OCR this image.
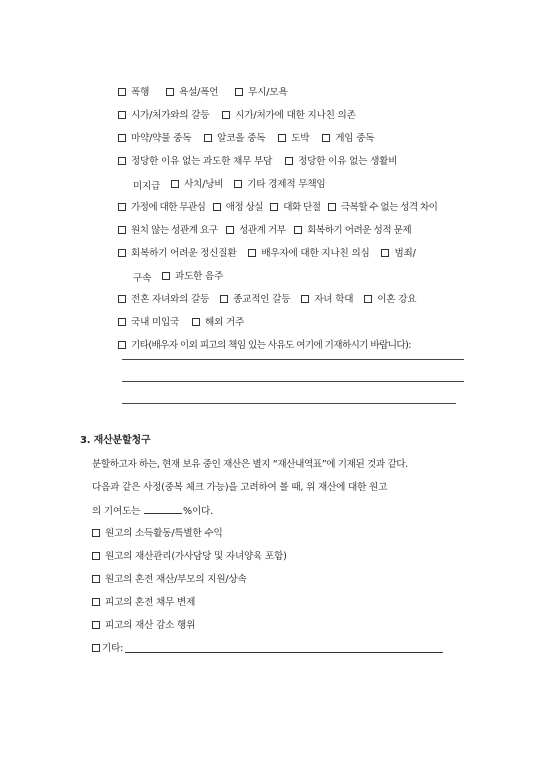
폭행
	욕설/폭언
	무시/모욕
시가/처가와의 갈등
	시가/처가에 대한 지나친 의존
마약/약물 중독
	알코올 중독
	도박
	게임 중독
정당한 이유 없는 과도한 채무 부담
	정당한 이유 없는 생활비
미지급 사치/낭비
기타 경제적 무책임
가정에 대한 무관심
애정 상실
대화 단절
극복할 수 없는 성격 차이
원치 않는 성관계 요구
성관계 거부
회복하기 어려운 성적 문제
회복하기 어려운 정신질환
	배우자에 대한 지나친 의심
	범죄/
구속 과도한 음주
전혼 자녀와의 갈등
종교적인 갈등
자녀 학대
이혼 강요
국내 미입국
	해외 거주
기타(배우자 이외 피고의 책임 있는 사유도 여기에 기재하시기 바랍니다):
3. 재산분할청구
분할하고자 하는, 현재 보유 중인 재산은 별지 “재산내역표”에 기재된 것과 같다.
다음과 같은 사정(중복 체크 가능)을 고려하여 볼 때, 위 재산에 대한 원고
의 기여도는	%이다.
원고의 소득활동/특별한 수익
원고의 재산관리(가사담당 및 자녀양육 포함)
원고의 혼전 재산/부모의 지원/상속
피고의 혼전 채무 변제
피고의 재산 감소 행위
기타:
